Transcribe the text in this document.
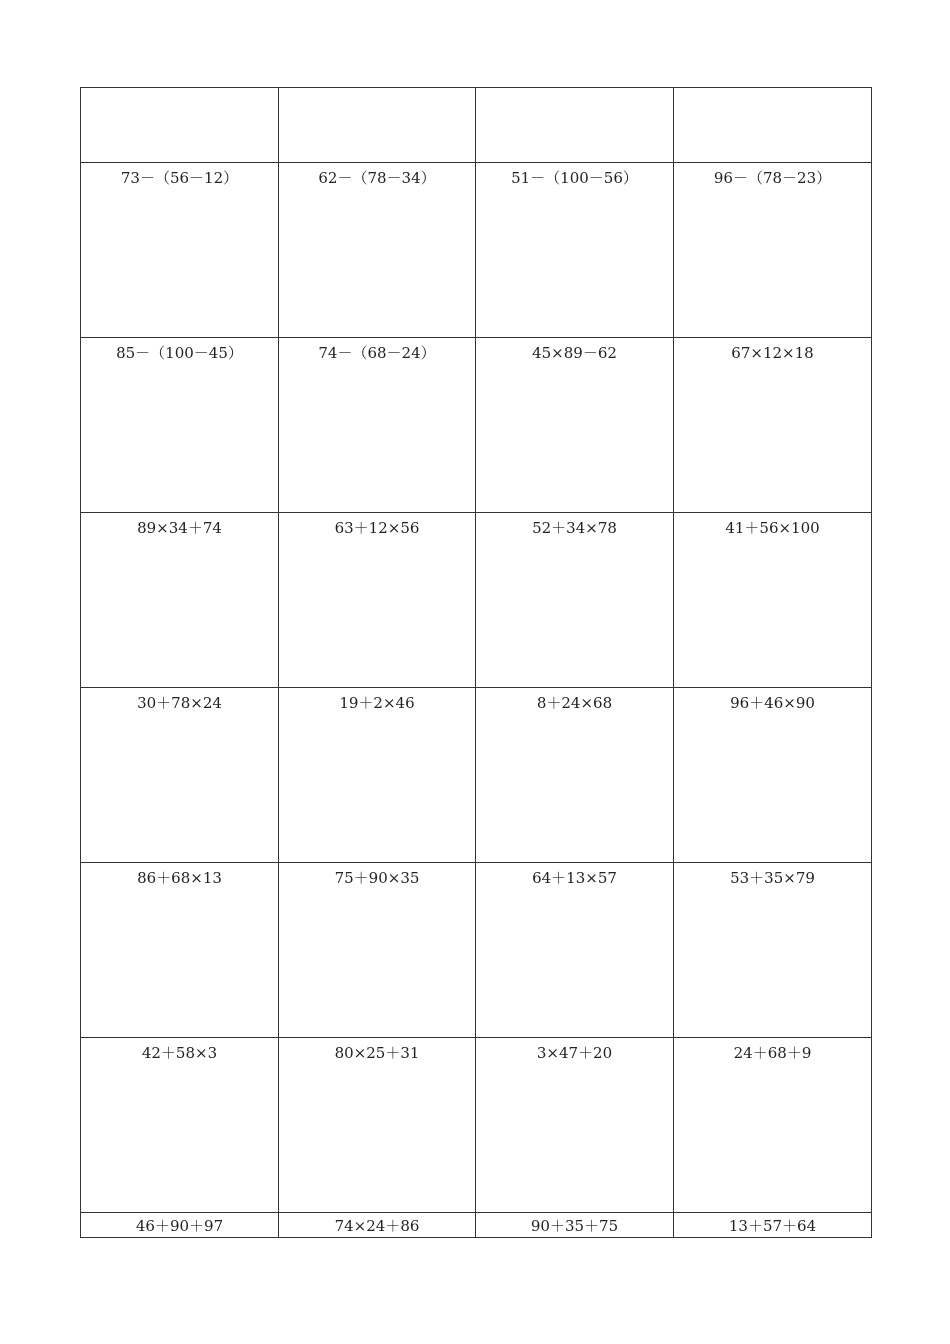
73－（56－12）	62－（78－34）	51－（100－56）	96－（78－23）

85－（100－45）	74－（68－24）	45×89－62	67×12×18

89×34＋74	63＋12×56	52＋34×78	41＋56×100

30＋78×24	19＋2×46	8＋24×68	96＋46×90

86＋68×13	75＋90×35	64＋13×57	53＋35×79

42＋58×3	80×25＋31	3×47＋20	24＋68＋9

46＋90＋97	74×24＋86	90＋35＋75	13＋57＋64
